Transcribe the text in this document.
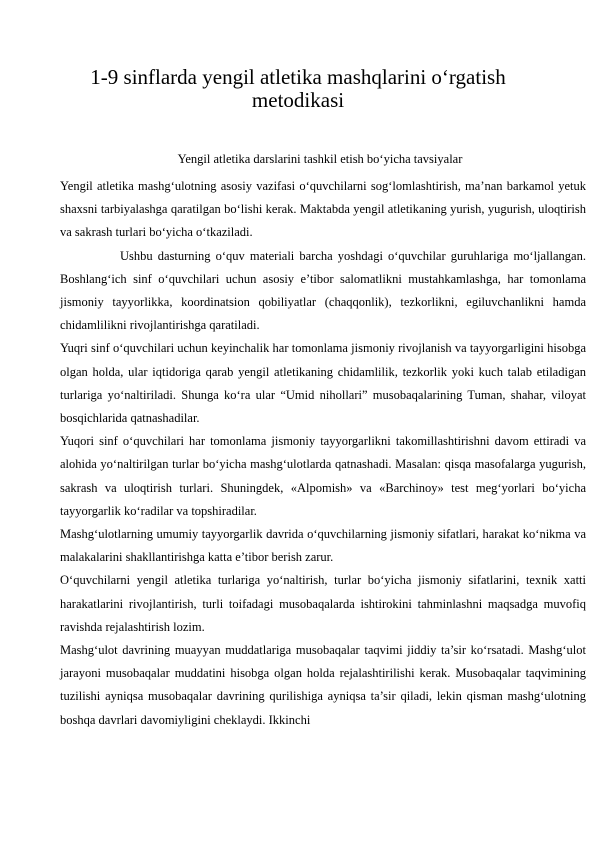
1-9 sinflarda yengil atletika mashqlarini o‘rgatish metodikasi

Yengil atletika darslarini tashkil etish bo‘yicha tavsiyalar

Yengil atletika mashg‘ulotning asosiy vazifasi o‘quvchilarni sog‘lomlashtirish, ma’nan barkamol yetuk shaxsni tarbiyalashga qaratilgan bo‘lishi kerak. Maktabda yengil atletikaning yurish, yugurish, uloqtirish va sakrash turlari bo‘yicha o‘tkaziladi.

Ushbu dasturning o‘quv materiali barcha yoshdagi o‘quvchilar guruhlariga mo‘ljallangan. Boshlang‘ich sinf o‘quvchilari uchun asosiy e’tibor salomatlikni mustahkamlashga, har tomonlama jismoniy tayyorlikka, koordinatsion qobiliyatlar (chaqqonlik), tezkorlikni, egiluvchanlikni hamda chidamlilikni rivojlantirishga qaratiladi.

Yuqri sinf o‘quvchilari uchun keyinchalik har tomonlama jismoniy rivojlanish va tayyorgarligini hisobga olgan holda, ular iqtidoriga qarab yengil atletikaning chidamlilik, tezkorlik yoki kuch talab etiladigan turlariga yo‘naltiriladi. Shunga ko‘ra ular “Umid nihollari” musobaqalarining Tuman, shahar, viloyat bosqichlarida qatnashadilar.

Yuqori sinf o‘quvchilari har tomonlama jismoniy tayyorgarlikni takomillashtirishni davom ettiradi va alohida yo‘naltirilgan turlar bo‘yicha mashg‘ulotlarda qatnashadi. Masalan: qisqa masofalarga yugurish, sakrash va uloqtirish turlari. Shuningdek, «Alpomish» va «Barchinoy» test meg‘yorlari bo‘yicha tayyorgarlik ko‘radilar va topshiradilar.

Mashg‘ulotlarning umumiy tayyorgarlik davrida o‘quvchilarning jismoniy sifatlari, harakat ko‘nikma va malakalarini shakllantirishga katta e’tibor berish zarur.

O‘quvchilarni yengil atletika turlariga yo‘naltirish, turlar bo‘yicha jismoniy sifatlarini, texnik xatti harakatlarini rivojlantirish, turli toifadagi musobaqalarda ishtirokini tahminlashni maqsadga muvofiq ravishda rejalashtirish lozim.

Mashg‘ulot davrining muayyan muddatlariga musobaqalar taqvimi jiddiy ta’sir ko‘rsatadi. Mashg‘ulot jarayoni musobaqalar muddatini hisobga olgan holda rejalashtirilishi kerak. Musobaqalar taqvimining tuzilishi ayniqsa musobaqalar davrining qurilishiga ayniqsa ta’sir qiladi, lekin qisman mashg‘ulotning boshqa davrlari davomiyligini cheklaydi. Ikkinchi
